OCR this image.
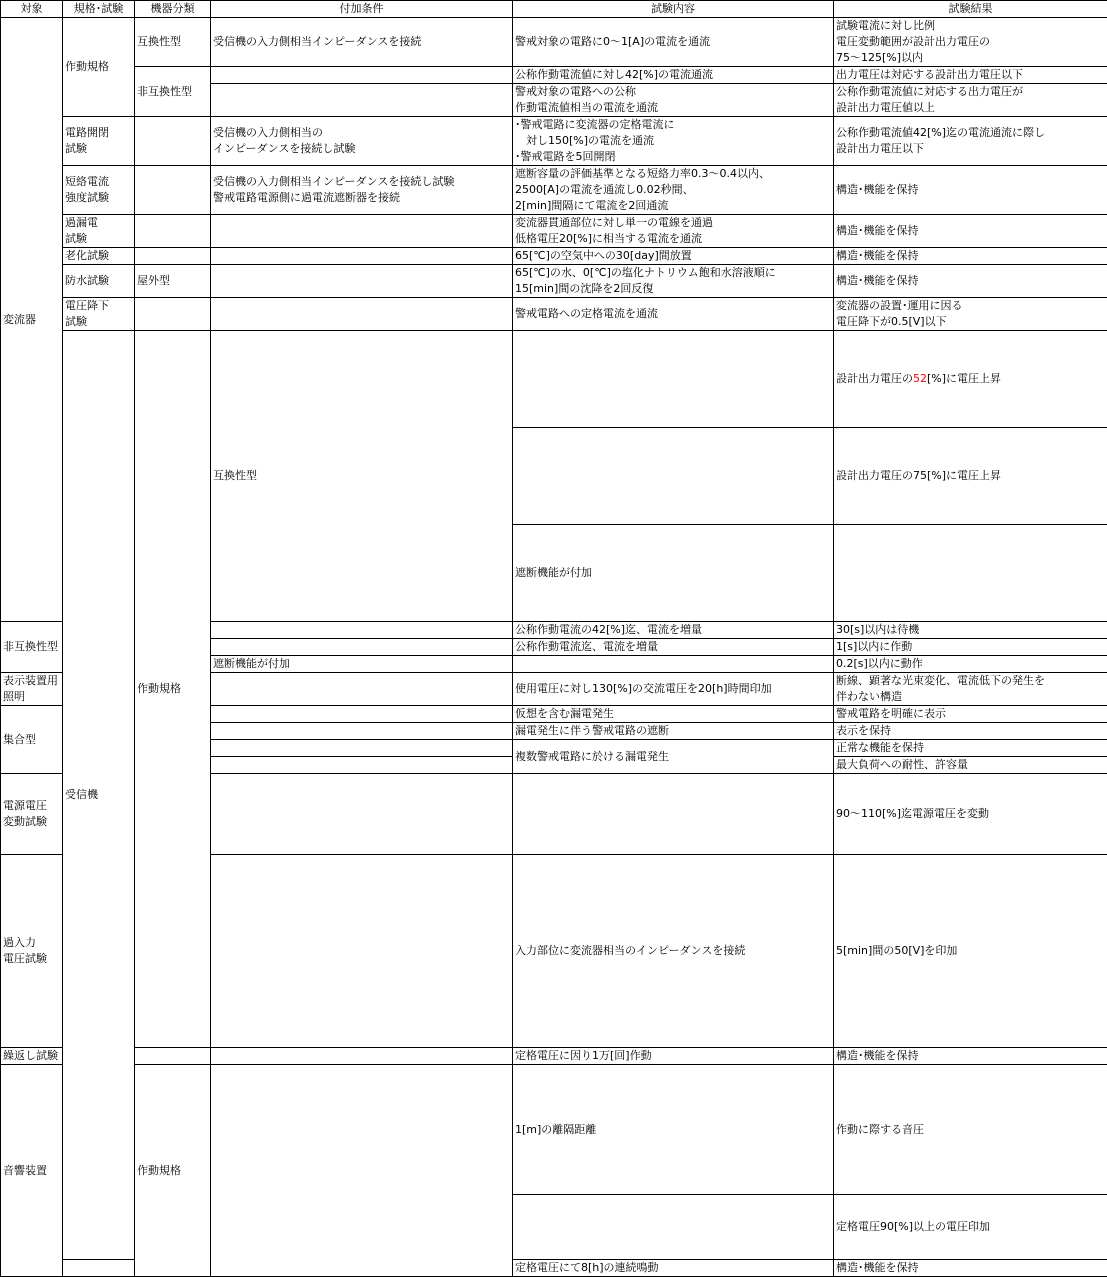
対象	規格･試験	機器分類	付加条件	試験内容	試験結果	
変流器	作動規格	互換性型	受信機の入力側相当インピーダンスを接続	警戒対象の電路に0～1[A]の電流を通流	試験電流に対し比例
電圧変動範囲が設計出力電圧の
75～125[%]以内	
		非互換性型		公称作動電流値に対し42[%]の電流通流	出力電圧は対応する設計出力電圧以下	
				警戒対象の電路への公称
作動電流値相当の電流を通流	公称作動電流値に対応する出力電圧が
設計出力電圧値以上	
	電路開閉
試験		受信機の入力側相当の
インピーダンスを接続し試験	･警戒電路に変流器の定格電流に
　対し150[%]の電流を通流
･警戒電路を5回開閉	公称作動電流値42[%]迄の電流通流に際し
設計出力電圧以下	
	短絡電流
強度試験		受信機の入力側相当インピーダンスを接続し試験
警戒電路電源側に過電流遮断器を接続	遮断容量の評価基準となる短絡力率0.3～0.4以内、
2500[A]の電流を通流し0.02秒間、
2[min]間隔にて電流を2回通流	構造･機能を保持	
	過漏電
試験			変流器貫通部位に対し単一の電線を通過
低格電圧20[%]に相当する電流を通流	構造･機能を保持	
	老化試験			65[℃]の空気中への30[day]間放置	構造･機能を保持	
	防水試験	屋外型		65[℃]の水、0[℃]の塩化ナトリウム飽和水溶液順に
15[min]間の沈降を2回反復	構造･機能を保持	
	電圧降下
試験			警戒電路への定格電流を通流	変流器の設置･運用に因る
電圧降下が0.5[V]以下	
	受信機	作動規格	互換性型		設計出力電圧の52[%]に電圧上昇	
					設計出力電圧の75[%]に電圧上昇	
				遮断機能が付加		
非互換性型				公称作動電流の42[%]迄、電流を増量	30[s]以内は待機	
				公称作動電流迄、電流を増量	1[s]以内に作動	
			遮断機能が付加		0.2[s]以内に動作	
表示装置用
照明				使用電圧に対し130[%]の交流電圧を20[h]時間印加	断線、顕著な光束変化、電流低下の発生を
伴わない構造	
集合型				仮想を含む漏電発生	警戒電路を明確に表示	
				漏電発生に伴う警戒電路の遮断	表示を保持	
				複数警戒電路に於ける漏電発生	正常な機能を保持	
					最大負荷への耐性、許容量	
電源電圧
変動試験					90～110[%]迄電源電圧を変動	
過入力
電圧試験				入力部位に変流器相当のインピーダンスを接続	5[min]間の50[V]を印加	
繰返し試験				定格電圧に因り1万[回]作動	構造･機能を保持	
音響装置		作動規格		1[m]の離隔距離	作動に際する音圧	

					定格電圧90[%]以上の電圧印加	
				定格電圧にて8[h]の連続鳴動	構造･機能を保持	
